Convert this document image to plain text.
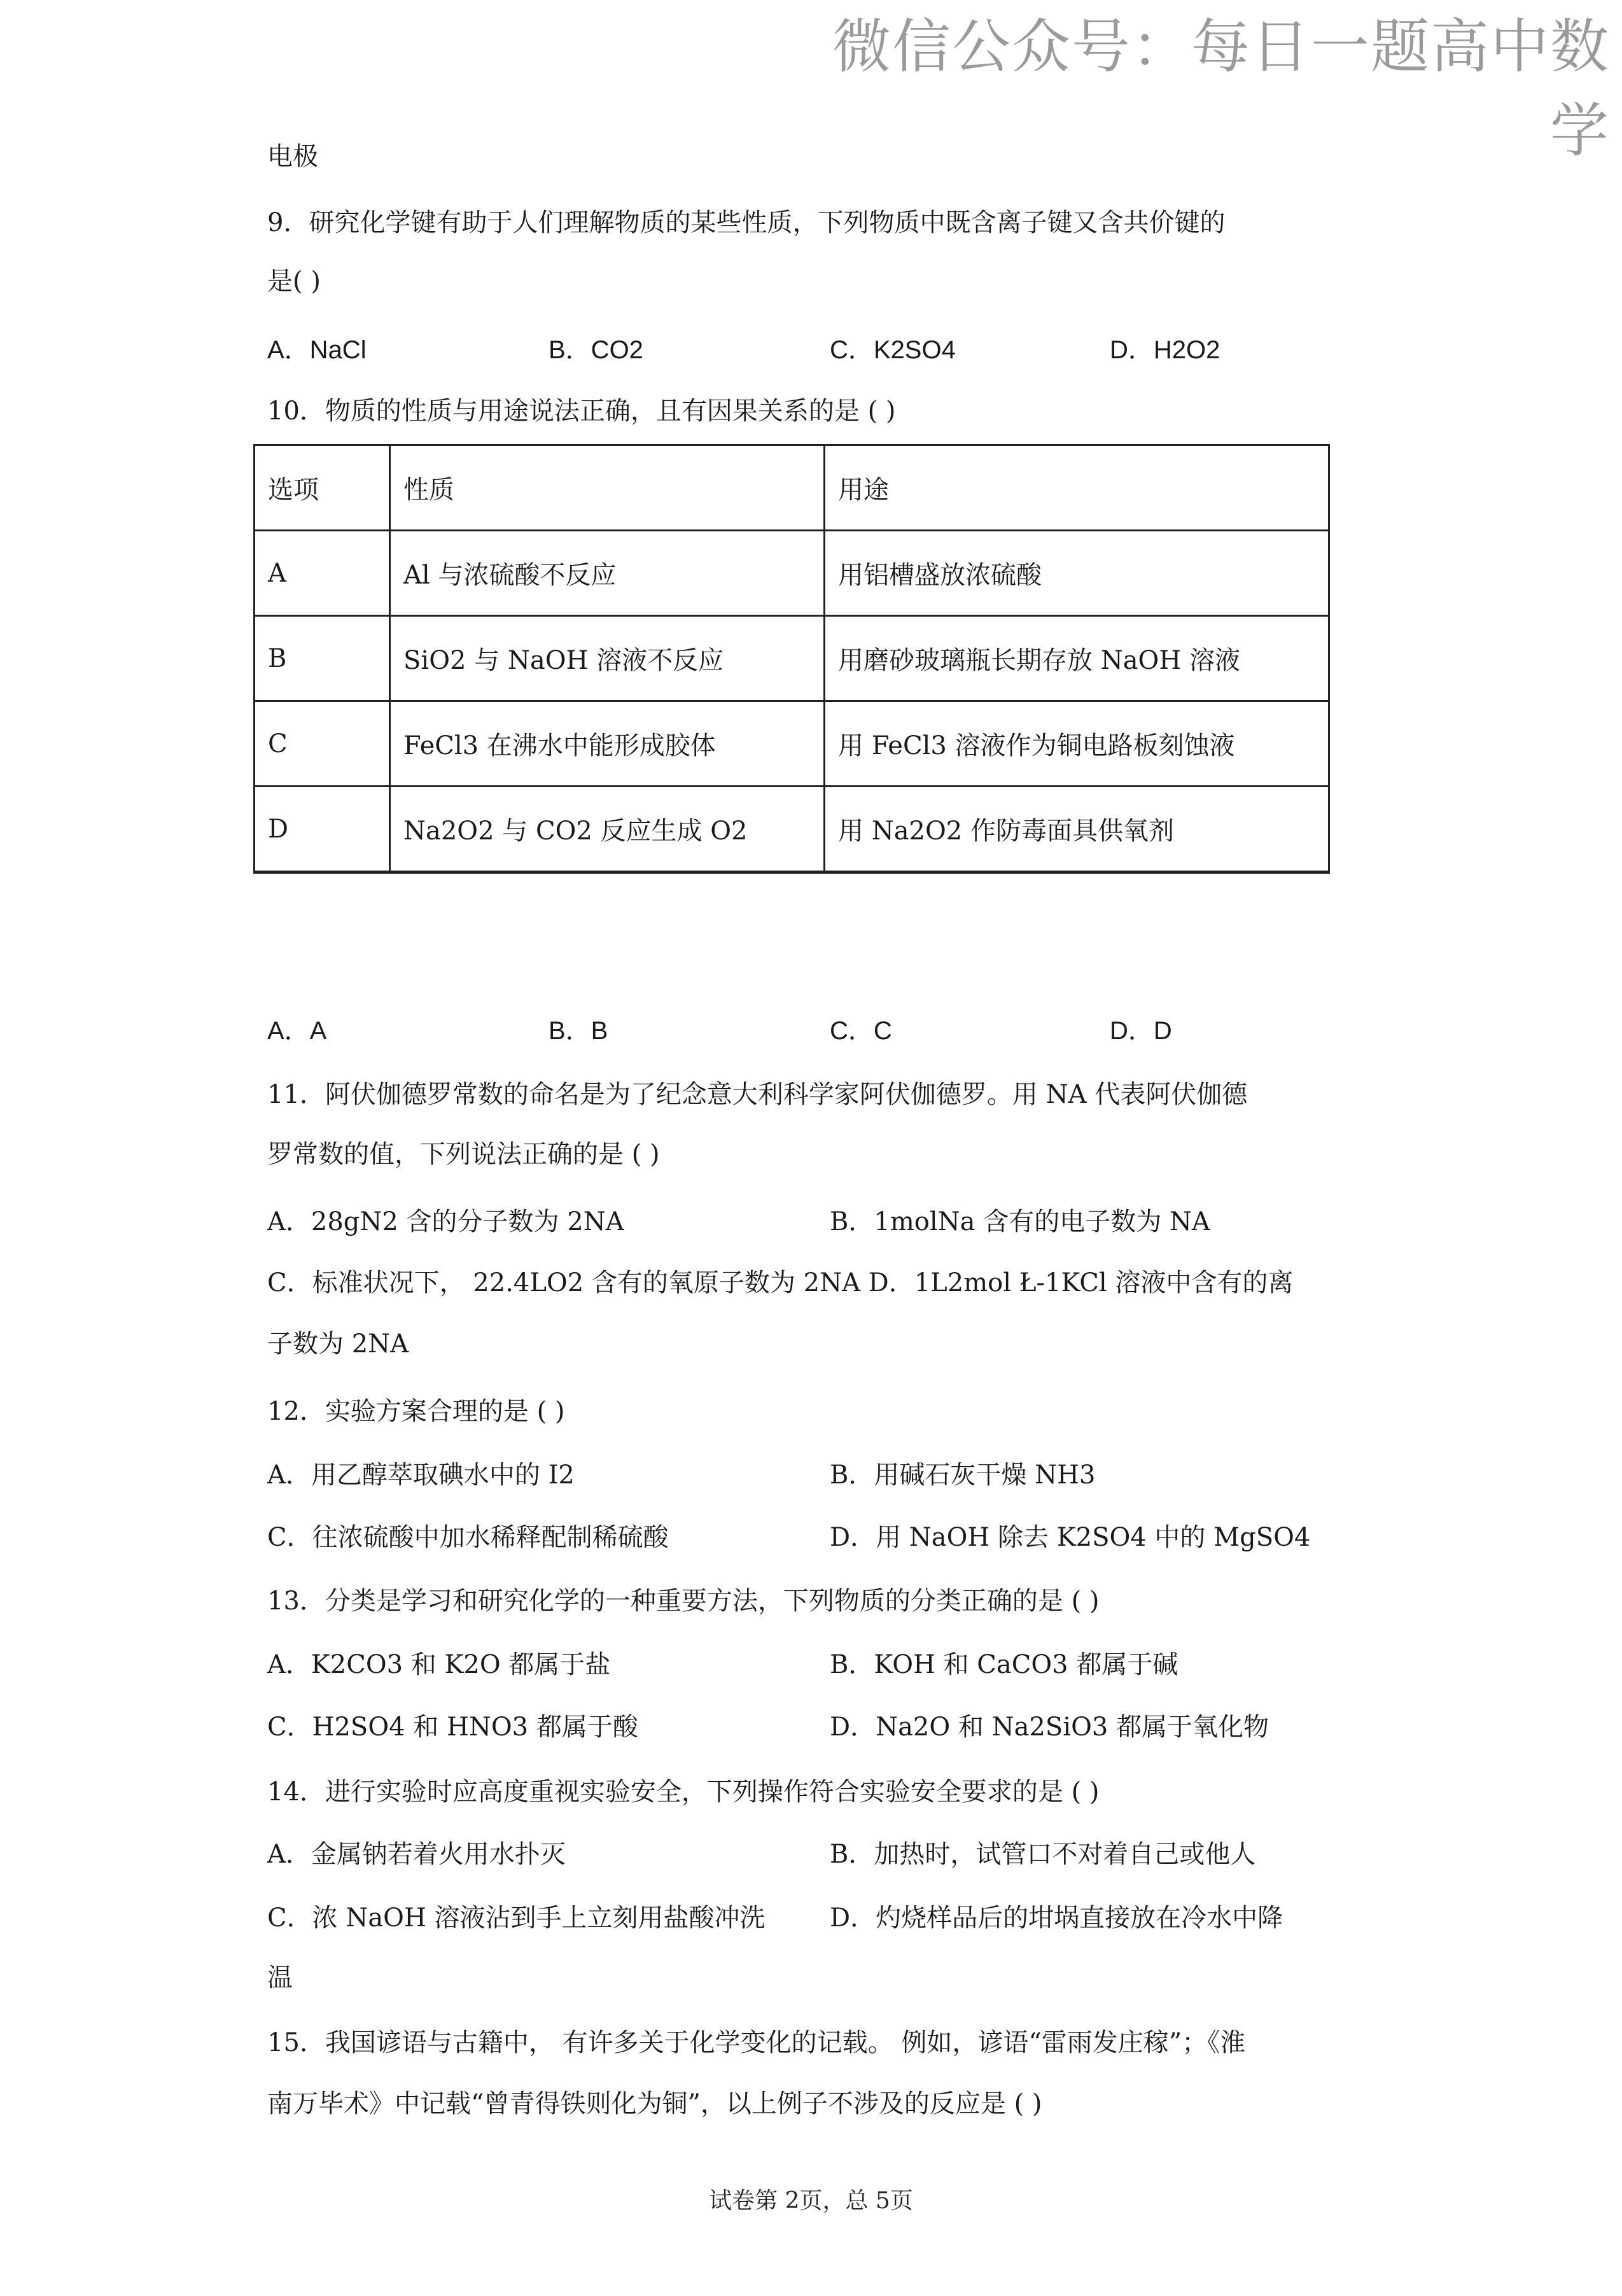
微信公众号：每日一题高中数学
电极
9．研究化学键有助于人们理解物质的某些性质，下列物质中既含离子键又含共价键的
是( )
A．NaCl	B．CO2	C．K2SO4	D．H2O2
10．物质的性质与用途说法正确，且有因果关系的是 ( )
选项	性质	用途
A	Al 与浓硫酸不反应	用铝槽盛放浓硫酸
B	SiO2 与 NaOH 溶液不反应	用磨砂玻璃瓶长期存放 NaOH 溶液
C	FeCl3 在沸水中能形成胶体	用 FeCl3 溶液作为铜电路板刻蚀液
D	Na2O2 与 CO2 反应生成 O2	用 Na2O2 作防毒面具供氧剂
A．A	B．B	C．C	D．D
11．阿伏伽德罗常数的命名是为了纪念意大利科学家阿伏伽德罗。用 NA 代表阿伏伽德
罗常数的值，下列说法正确的是 ( )
A．28gN2 含的分子数为 2NA	B．1molNa 含有的电子数为 NA
C．标准状况下， 22.4LO2 含有的氧原子数为 2NA D．1L2mol Ł-1KCl 溶液中含有的离
子数为 2NA
12．实验方案合理的是 ( )
A．用乙醇萃取碘水中的 I2	B．用碱石灰干燥 NH3
C．往浓硫酸中加水稀释配制稀硫酸	D．用 NaOH 除去 K2SO4 中的 MgSO4
13．分类是学习和研究化学的一种重要方法，下列物质的分类正确的是 ( )
A．K2CO3 和 K2O 都属于盐	B．KOH 和 CaCO3 都属于碱
C．H2SO4 和 HNO3 都属于酸	D．Na2O 和 Na2SiO3 都属于氧化物
14．进行实验时应高度重视实验安全，下列操作符合实验安全要求的是 ( )
A．金属钠若着火用水扑灭	B．加热时，试管口不对着自己或他人
C．浓 NaOH 溶液沾到手上立刻用盐酸冲洗	D．灼烧样品后的坩埚直接放在冷水中降
温
15．我国谚语与古籍中， 有许多关于化学变化的记载。 例如，谚语“雷雨发庄稼”；《淮
南万毕术》中记载“曾青得铁则化为铜”，以上例子不涉及的反应是 ( )
试卷第 2页，总 5页
